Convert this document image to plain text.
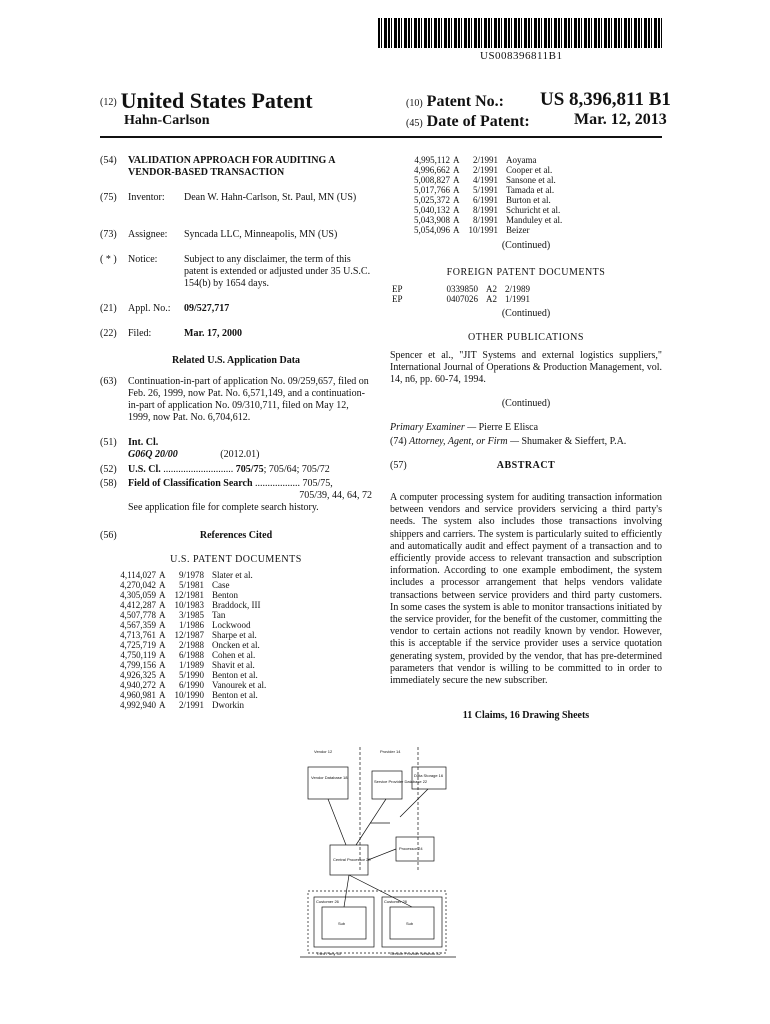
US008396811B1
(12) United States Patent
Hahn-Carlson
(10) Patent No.: US 8,396,811 B1
(45) Date of Patent:	Mar. 12, 2013
(54)	VALIDATION APPROACH FOR AUDITING A VENDOR-BASED TRANSACTION
(75)	Inventor:	Dean W. Hahn-Carlson, St. Paul, MN (US)
(73)	Assignee:	Syncada LLC, Minneapolis, MN (US)
( * )	Notice:	Subject to any disclaimer, the term of this patent is extended or adjusted under 35 U.S.C. 154(b) by 1654 days.
(21)	Appl. No.:	09/527,717
(22)	Filed:	Mar. 17, 2000
Related U.S. Application Data
(63)	Continuation-in-part of application No. 09/259,657, filed on Feb. 26, 1999, now Pat. No. 6,571,149, and a continuation-in-part of application No. 09/310,711, filed on May 12, 1999, now Pat. No. 6,704,612.
(51)	Int. Cl.
G06Q 20/00	(2012.01)
(52)	U.S. Cl. ............................ 705/75; 705/64; 705/72
(58)	Field of Classification Search .................. 705/75,
705/39, 44, 64, 72
See application file for complete search history.
(56)	References Cited
U.S. PATENT DOCUMENTS
4,114,027	A	9/1978	Slater et al.
4,270,042	A	5/1981	Case
4,305,059	A	12/1981	Benton
4,412,287	A	10/1983	Braddock, III
4,507,778	A	3/1985	Tan
4,567,359	A	1/1986	Lockwood
4,713,761	A	12/1987	Sharpe et al.
4,725,719	A	2/1988	Oncken et al.
4,750,119	A	6/1988	Cohen et al.
4,799,156	A	1/1989	Shavit et al.
4,926,325	A	5/1990	Benton et al.
4,940,272	A	6/1990	Vanourek et al.
4,960,981	A	10/1990	Benton et al.
4,992,940	A	2/1991	Dworkin
4,995,112	A	2/1991	Aoyama
4,996,662	A	2/1991	Cooper et al.
5,008,827	A	4/1991	Sansone et al.
5,017,766	A	5/1991	Tamada et al.
5,025,372	A	6/1991	Burton et al.
5,040,132	A	8/1991	Schuricht et al.
5,043,908	A	8/1991	Manduley et al.
5,054,096	A	10/1991	Beizer
(Continued)
FOREIGN PATENT DOCUMENTS
EP	0339850	A2	2/1989
EP	0407026	A2	1/1991
(Continued)
OTHER PUBLICATIONS
Spencer et al., "JIT Systems and external logistics suppliers," International Journal of Operations & Production Management, vol. 14, n6, pp. 60-74, 1994.
(Continued)
Primary Examiner — Pierre E Elisca
(74) Attorney, Agent, or Firm — Shumaker & Sieffert, P.A.
(57)	ABSTRACT
A computer processing system for auditing transaction information between vendors and service providers servicing a third party's needs. The system also includes those transactions involving shippers and carriers. The system is particularly suited to efficiently and automatically audit and effect payment of a transaction and to efficiently provide access to relevant transaction and subscription information. According to one example embodiment, the system includes a processor arrangement that helps vendors validate transactions between service providers and third party customers. In some cases the system is able to monitor transactions initiated by the service provider, for the benefit of the customer, committing the vendor to certain actions not readily known by vendor. However, this is acceptable if the service provider uses a service quotation generating system, provided by the vendor, that has pre-determined parameters that vendor is willing to be committed to in order to immediately secure the new subscriber.
11 Claims, 16 Drawing Sheets
Vendor 12	Provider 14
Vendor Database 18
Service Provider Database 22
Data Storage 16
Central Processor 20
Processor 24
Customer 26	Customer 28
Sub	Sub
Third Party 30	Service Provider Network 32
